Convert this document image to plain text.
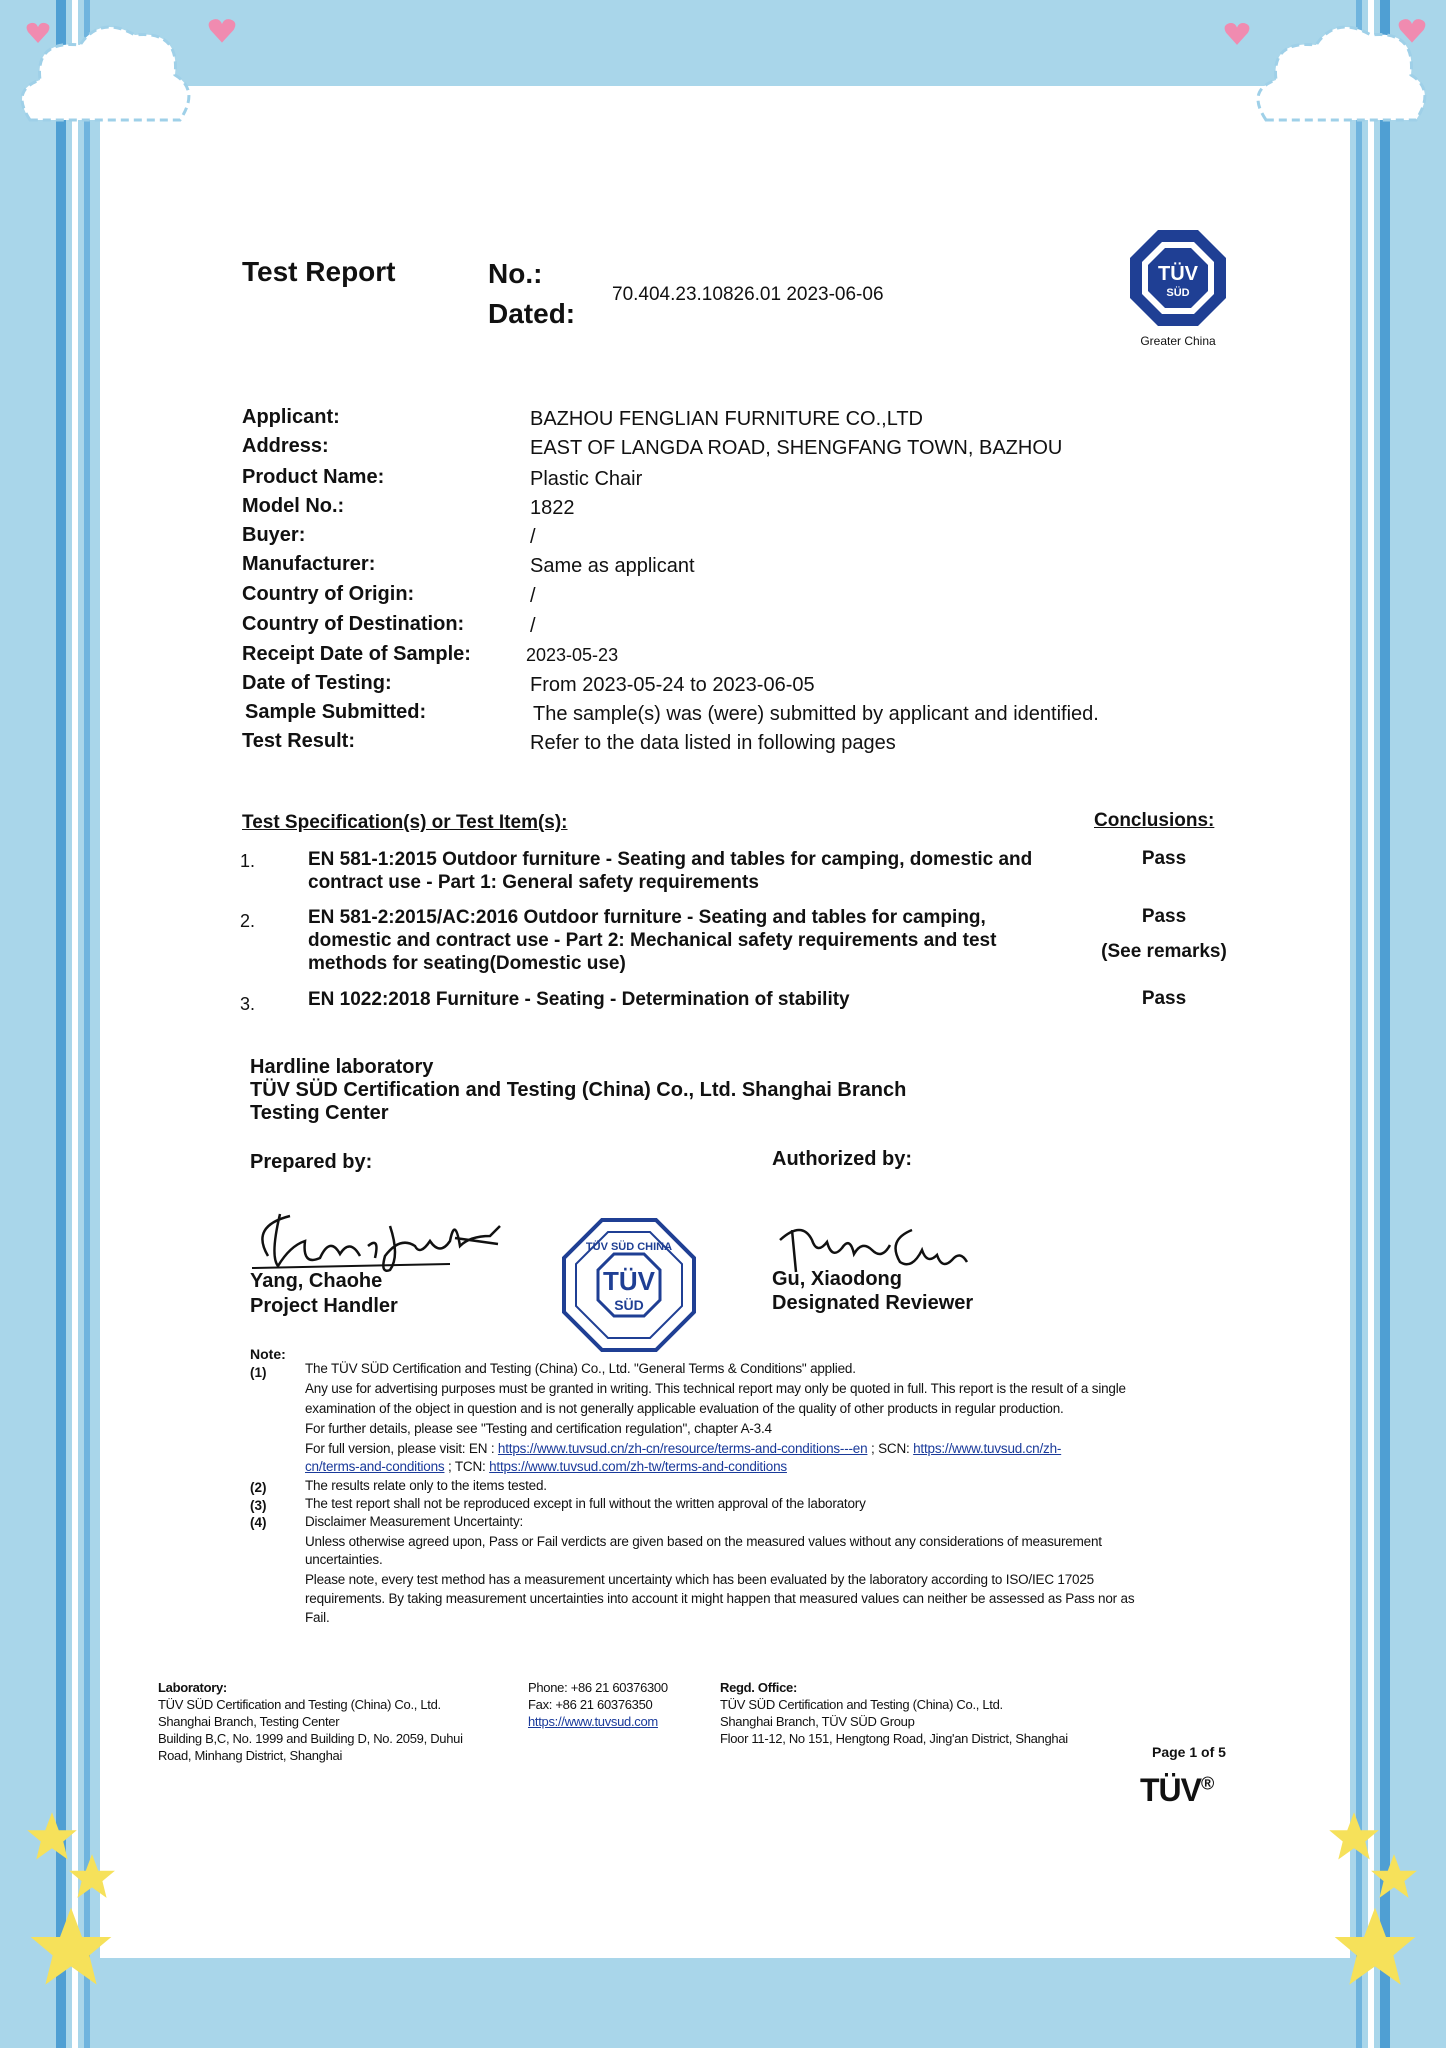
Test Report	No.:
Dated:
70.404.23.10826.01 2023-06-06
TÜV
SÜD
Greater China
Applicant:	BAZHOU FENGLIAN FURNITURE CO.,LTD
Address:	EAST OF LANGDA ROAD, SHENGFANG TOWN, BAZHOU
Product Name:	Plastic Chair
Model No.:	1822
Buyer:	/
Manufacturer:	Same as applicant
Country of Origin:	/
Country of Destination:	/
Receipt Date of Sample:	2023-05-23
Date of Testing:	From 2023-05-24 to 2023-06-05
Sample Submitted:	The sample(s) was (were) submitted by applicant and identified.
Test Result:	Refer to the data listed in following pages
Test Specification(s) or Test Item(s):	Conclusions:
1.	EN 581-1:2015 Outdoor furniture - Seating and tables for camping, domestic and
contract use - Part 1: General safety requirements
Pass
2.	EN 581-2:2015/AC:2016 Outdoor furniture - Seating and tables for camping,
domestic and contract use - Part 2: Mechanical safety requirements and test
methods for seating(Domestic use)
Pass
(See remarks)
3.	EN 1022:2018 Furniture - Seating - Determination of stability	Pass
Hardline laboratory
TÜV SÜD Certification and Testing (China) Co., Ltd. Shanghai Branch
Testing Center
Prepared by:	Authorized by:
Yang, Chaohe
Project Handler
TÜV SÜD CHINA
TÜV
SÜD
Gu, Xiaodong
Designated Reviewer
Note:
(1)	The TÜV SÜD Certification and Testing (China) Co., Ltd. "General Terms & Conditions" applied.
Any use for advertising purposes must be granted in writing. This technical report may only be quoted in full. This report is the result of a single
examination of the object in question and is not generally applicable evaluation of the quality of other products in regular production.
For further details, please see "Testing and certification regulation", chapter A-3.4
For full version, please visit: EN : https://www.tuvsud.cn/zh-cn/resource/terms-and-conditions---en ; SCN: https://www.tuvsud.cn/zh-
cn/terms-and-conditions ; TCN: https://www.tuvsud.com/zh-tw/terms-and-conditions
(2)	The results relate only to the items tested.
(3)	The test report shall not be reproduced except in full without the written approval of the laboratory
(4)	Disclaimer Measurement Uncertainty:
Unless otherwise agreed upon, Pass or Fail verdicts are given based on the measured values without any considerations of measurement
uncertainties.
Please note, every test method has a measurement uncertainty which has been evaluated by the laboratory according to ISO/IEC 17025
requirements. By taking measurement uncertainties into account it might happen that measured values can neither be assessed as Pass nor as
Fail.
Laboratory:
TÜV SÜD Certification and Testing (China) Co., Ltd.
Shanghai Branch, Testing Center
Building B,C, No. 1999 and Building D, No. 2059, Duhui
Road, Minhang District, Shanghai
Phone: +86 21 60376300
Fax: +86 21 60376350
https://www.tuvsud.com
Regd. Office:
TÜV SÜD Certification and Testing (China) Co., Ltd.
Shanghai Branch, TÜV SÜD Group
Floor 11-12, No 151, Hengtong Road, Jing'an District, Shanghai
Page 1 of 5
TÜV®
